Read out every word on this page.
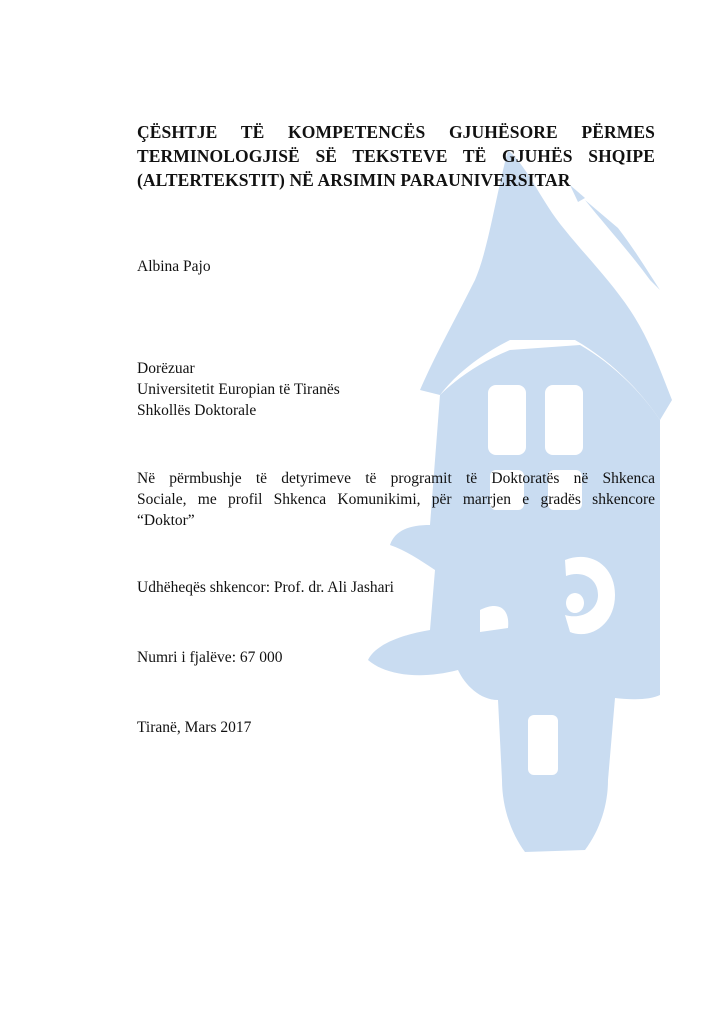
ÇËSHTJE TË KOMPETENCËS GJUHËSORE PËRMES
TERMINOLOGJISË SË TEKSTEVE TË GJUHËS SHQIPE
(ALTERTEKSTIT) NË ARSIMIN PARAUNIVERSITAR

Albina Pajo

Dorëzuar

Universitetit Europian të Tiranës

Shkollës Doktorale

Në përmbushje të detyrimeve të programit të Doktoratës në Shkenca
Sociale, me profil Shkenca Komunikimi, për marrjen e gradës shkencore
“Doktor”

Udhëheqës shkencor: Prof. dr. Ali Jashari

Numri i fjalëve: 67 000

Tiranë, Mars 2017
